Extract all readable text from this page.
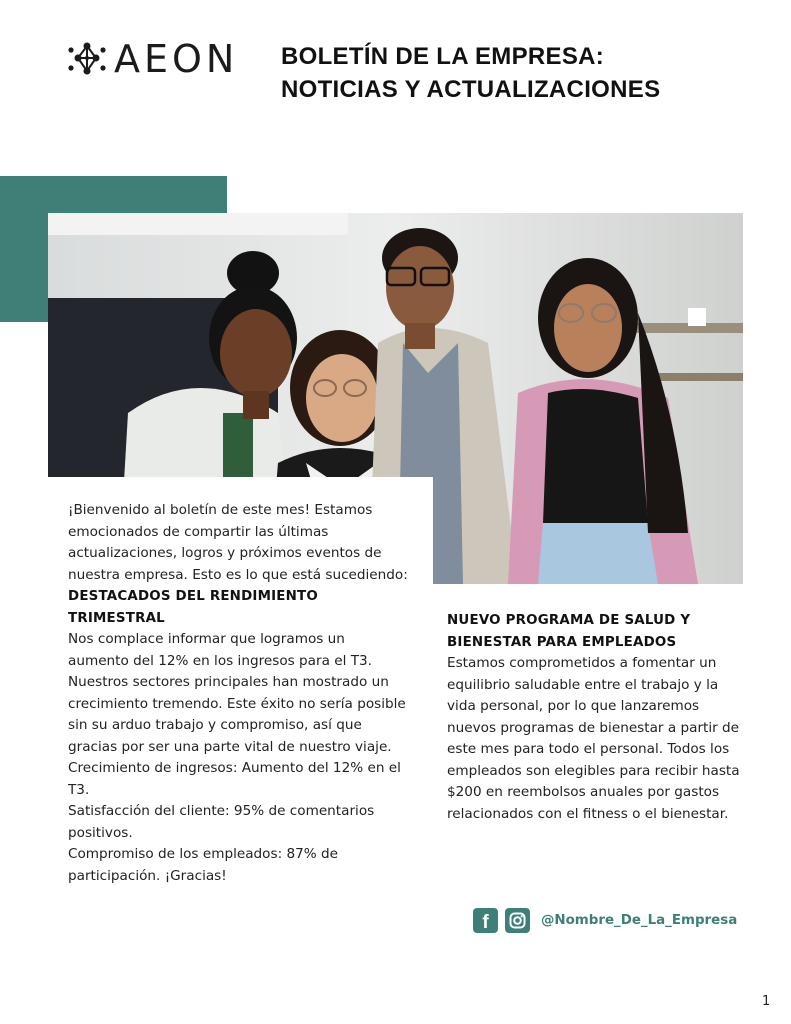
AEON BOLETÍN DE LA EMPRESA:
NOTICIAS Y ACTUALIZACIONES

¡Bienvenido al boletín de este mes! Estamos emocionados de compartir las últimas actualizaciones, logros y próximos eventos de nuestra empresa. Esto es lo que está sucediendo:

DESTACADOS DEL RENDIMIENTO TRIMESTRAL

Nos complace informar que logramos un aumento del 12% en los ingresos para el T3. Nuestros sectores principales han mostrado un crecimiento tremendo. Este éxito no sería posible sin su arduo trabajo y compromiso, así que gracias por ser una parte vital de nuestro viaje.

Crecimiento de ingresos: Aumento del 12% en el T3.

Satisfacción del cliente: 95% de comentarios positivos.

Compromiso de los empleados: 87% de participación. ¡Gracias!

NUEVO PROGRAMA DE SALUD Y BIENESTAR PARA EMPLEADOS

Estamos comprometidos a fomentar un equilibrio saludable entre el trabajo y la vida personal, por lo que lanzaremos nuevos programas de bienestar a partir de este mes para todo el personal. Todos los empleados son elegibles para recibir hasta $200 en reembolsos anuales por gastos relacionados con el fitness o el bienestar.

f	@Nombre_De_La_Empresa
1
